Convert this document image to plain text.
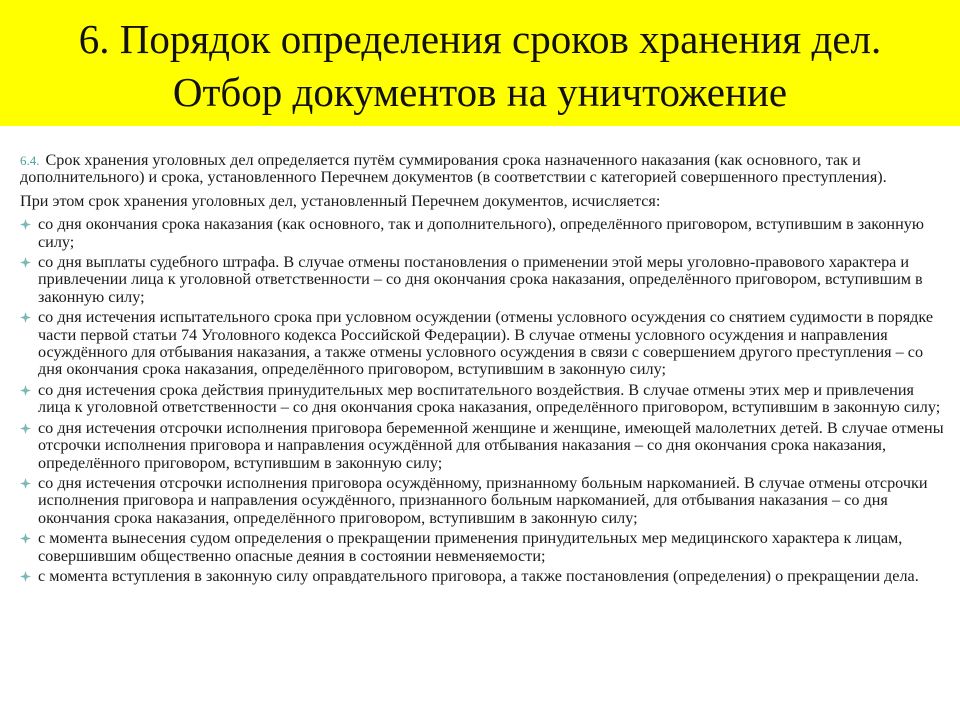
6. Порядок определения сроков хранения дел.
Отбор документов на уничтожение

6.4. Срок хранения уголовных дел определяется путём суммирования срока назначенного наказания (как основного, так и дополнительного) и срока, установленного Перечнем документов (в соответствии с категорией совершенного преступления).

При этом срок хранения уголовных дел, установленный Перечнем документов, исчисляется:

со дня окончания срока наказания (как основного, так и дополнительного), определённого приговором, вступившим в законную силу;
со дня выплаты судебного штрафа. В случае отмены постановления о применении этой меры уголовно-правового характера и привлечении лица к уголовной ответственности – со дня окончания срока наказания, определённого приговором, вступившим в законную силу;
со дня истечения испытательного срока при условном осуждении (отмены условного осуждения со снятием судимости в порядке части первой статьи 74 Уголовного кодекса Российской Федерации). В случае отмены условного осуждения и направления осуждённого для отбывания наказания, а также отмены условного осуждения в связи с совершением другого преступления – со дня окончания срока наказания, определённого приговором, вступившим в законную силу;
со дня истечения срока действия принудительных мер воспитательного воздействия. В случае отмены этих мер и привлечения лица к уголовной ответственности – со дня окончания срока наказания, определённого приговором, вступившим в законную силу;
со дня истечения отсрочки исполнения приговора беременной женщине и женщине, имеющей малолетних детей. В случае отмены отсрочки исполнения приговора и направления осуждённой для отбывания наказания – со дня окончания срока наказания, определённого приговором, вступившим в законную силу;
со дня истечения отсрочки исполнения приговора осуждённому, признанному больным наркоманией. В случае отмены отсрочки исполнения приговора и направления осуждённого, признанного больным наркоманией, для отбывания наказания – со дня окончания срока наказания, определённого приговором, вступившим в законную силу;
с момента вынесения судом определения о прекращении применения принудительных мер медицинского характера к лицам, совершившим общественно опасные деяния в состоянии невменяемости;
с момента вступления в законную силу оправдательного приговора, а также постановления (определения) о прекращении дела.
